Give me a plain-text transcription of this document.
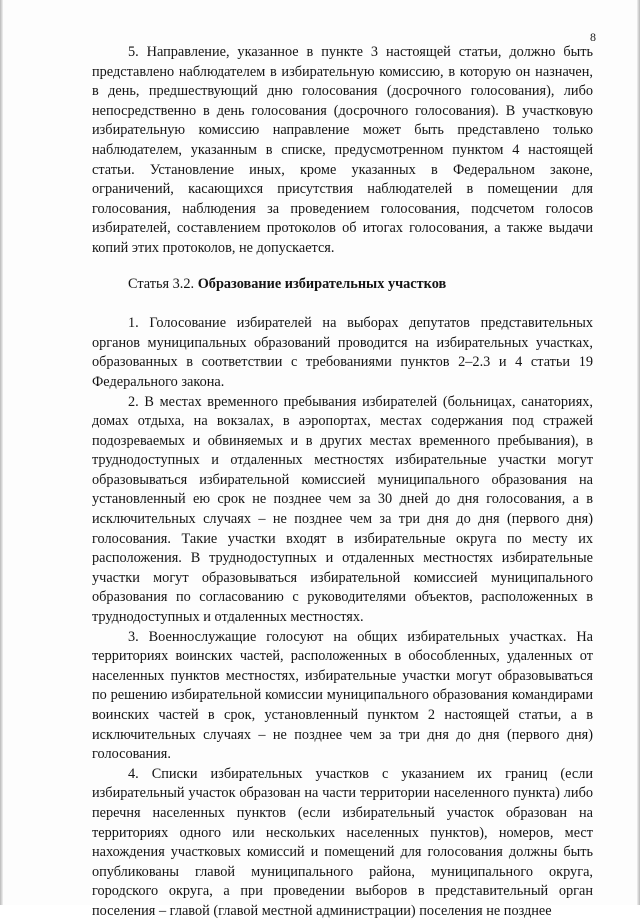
8

5. Направление, указанное в пункте 3 настоящей статьи, должно быть представлено наблюдателем в избирательную комиссию, в которую он назначен, в день, предшествующий дню голосования (досрочного голосования), либо непосредственно в день голосования (досрочного голосования). В участковую избирательную комиссию направление может быть представлено только наблюдателем, указанным в списке, предусмотренном пунктом 4 настоящей статьи. Установление иных, кроме указанных в Федеральном законе, ограничений, касающихся присутствия наблюдателей в помещении для голосования, наблюдения за проведением голосования, подсчетом голосов избирателей, составлением протоколов об итогах голосования, а также выдачи копий этих протоколов, не допускается.

Статья 3.2. Образование избирательных участков

1. Голосование избирателей на выборах депутатов представительных органов муниципальных образований проводится на избирательных участках, образованных в соответствии с требованиями пунктов 2–2.3 и 4 статьи 19 Федерального закона.

2. В местах временного пребывания избирателей (больницах, санаториях, домах отдыха, на вокзалах, в аэропортах, местах содержания под стражей подозреваемых и обвиняемых и в других местах временного пребывания), в труднодоступных и отдаленных местностях избирательные участки могут образовываться избирательной комиссией муниципального образования на установленный ею срок не позднее чем за 30 дней до дня голосования, а в исключительных случаях – не позднее чем за три дня до дня (первого дня) голосования. Такие участки входят в избирательные округа по месту их расположения. В труднодоступных и отдаленных местностях избирательные участки могут образовываться избирательной комиссией муниципального образования по согласованию с руководителями объектов, расположенных в труднодоступных и отдаленных местностях.

3. Военнослужащие голосуют на общих избирательных участках. На территориях воинских частей, расположенных в обособленных, удаленных от населенных пунктов местностях, избирательные участки могут образовываться по решению избирательной комиссии муниципального образования командирами воинских частей в срок, установленный пунктом 2 настоящей статьи, а в исключительных случаях – не позднее чем за три дня до дня (первого дня) голосования.

4. Списки избирательных участков с указанием их границ (если избирательный участок образован на части территории населенного пункта) либо перечня населенных пунктов (если избирательный участок образован на территориях одного или нескольких населенных пунктов), номеров, мест нахождения участковых комиссий и помещений для голосования должны быть опубликованы главой муниципального района, муниципального округа, городского округа, а при проведении выборов в представительный орган поселения – главой (главой местной администрации) поселения не позднее
